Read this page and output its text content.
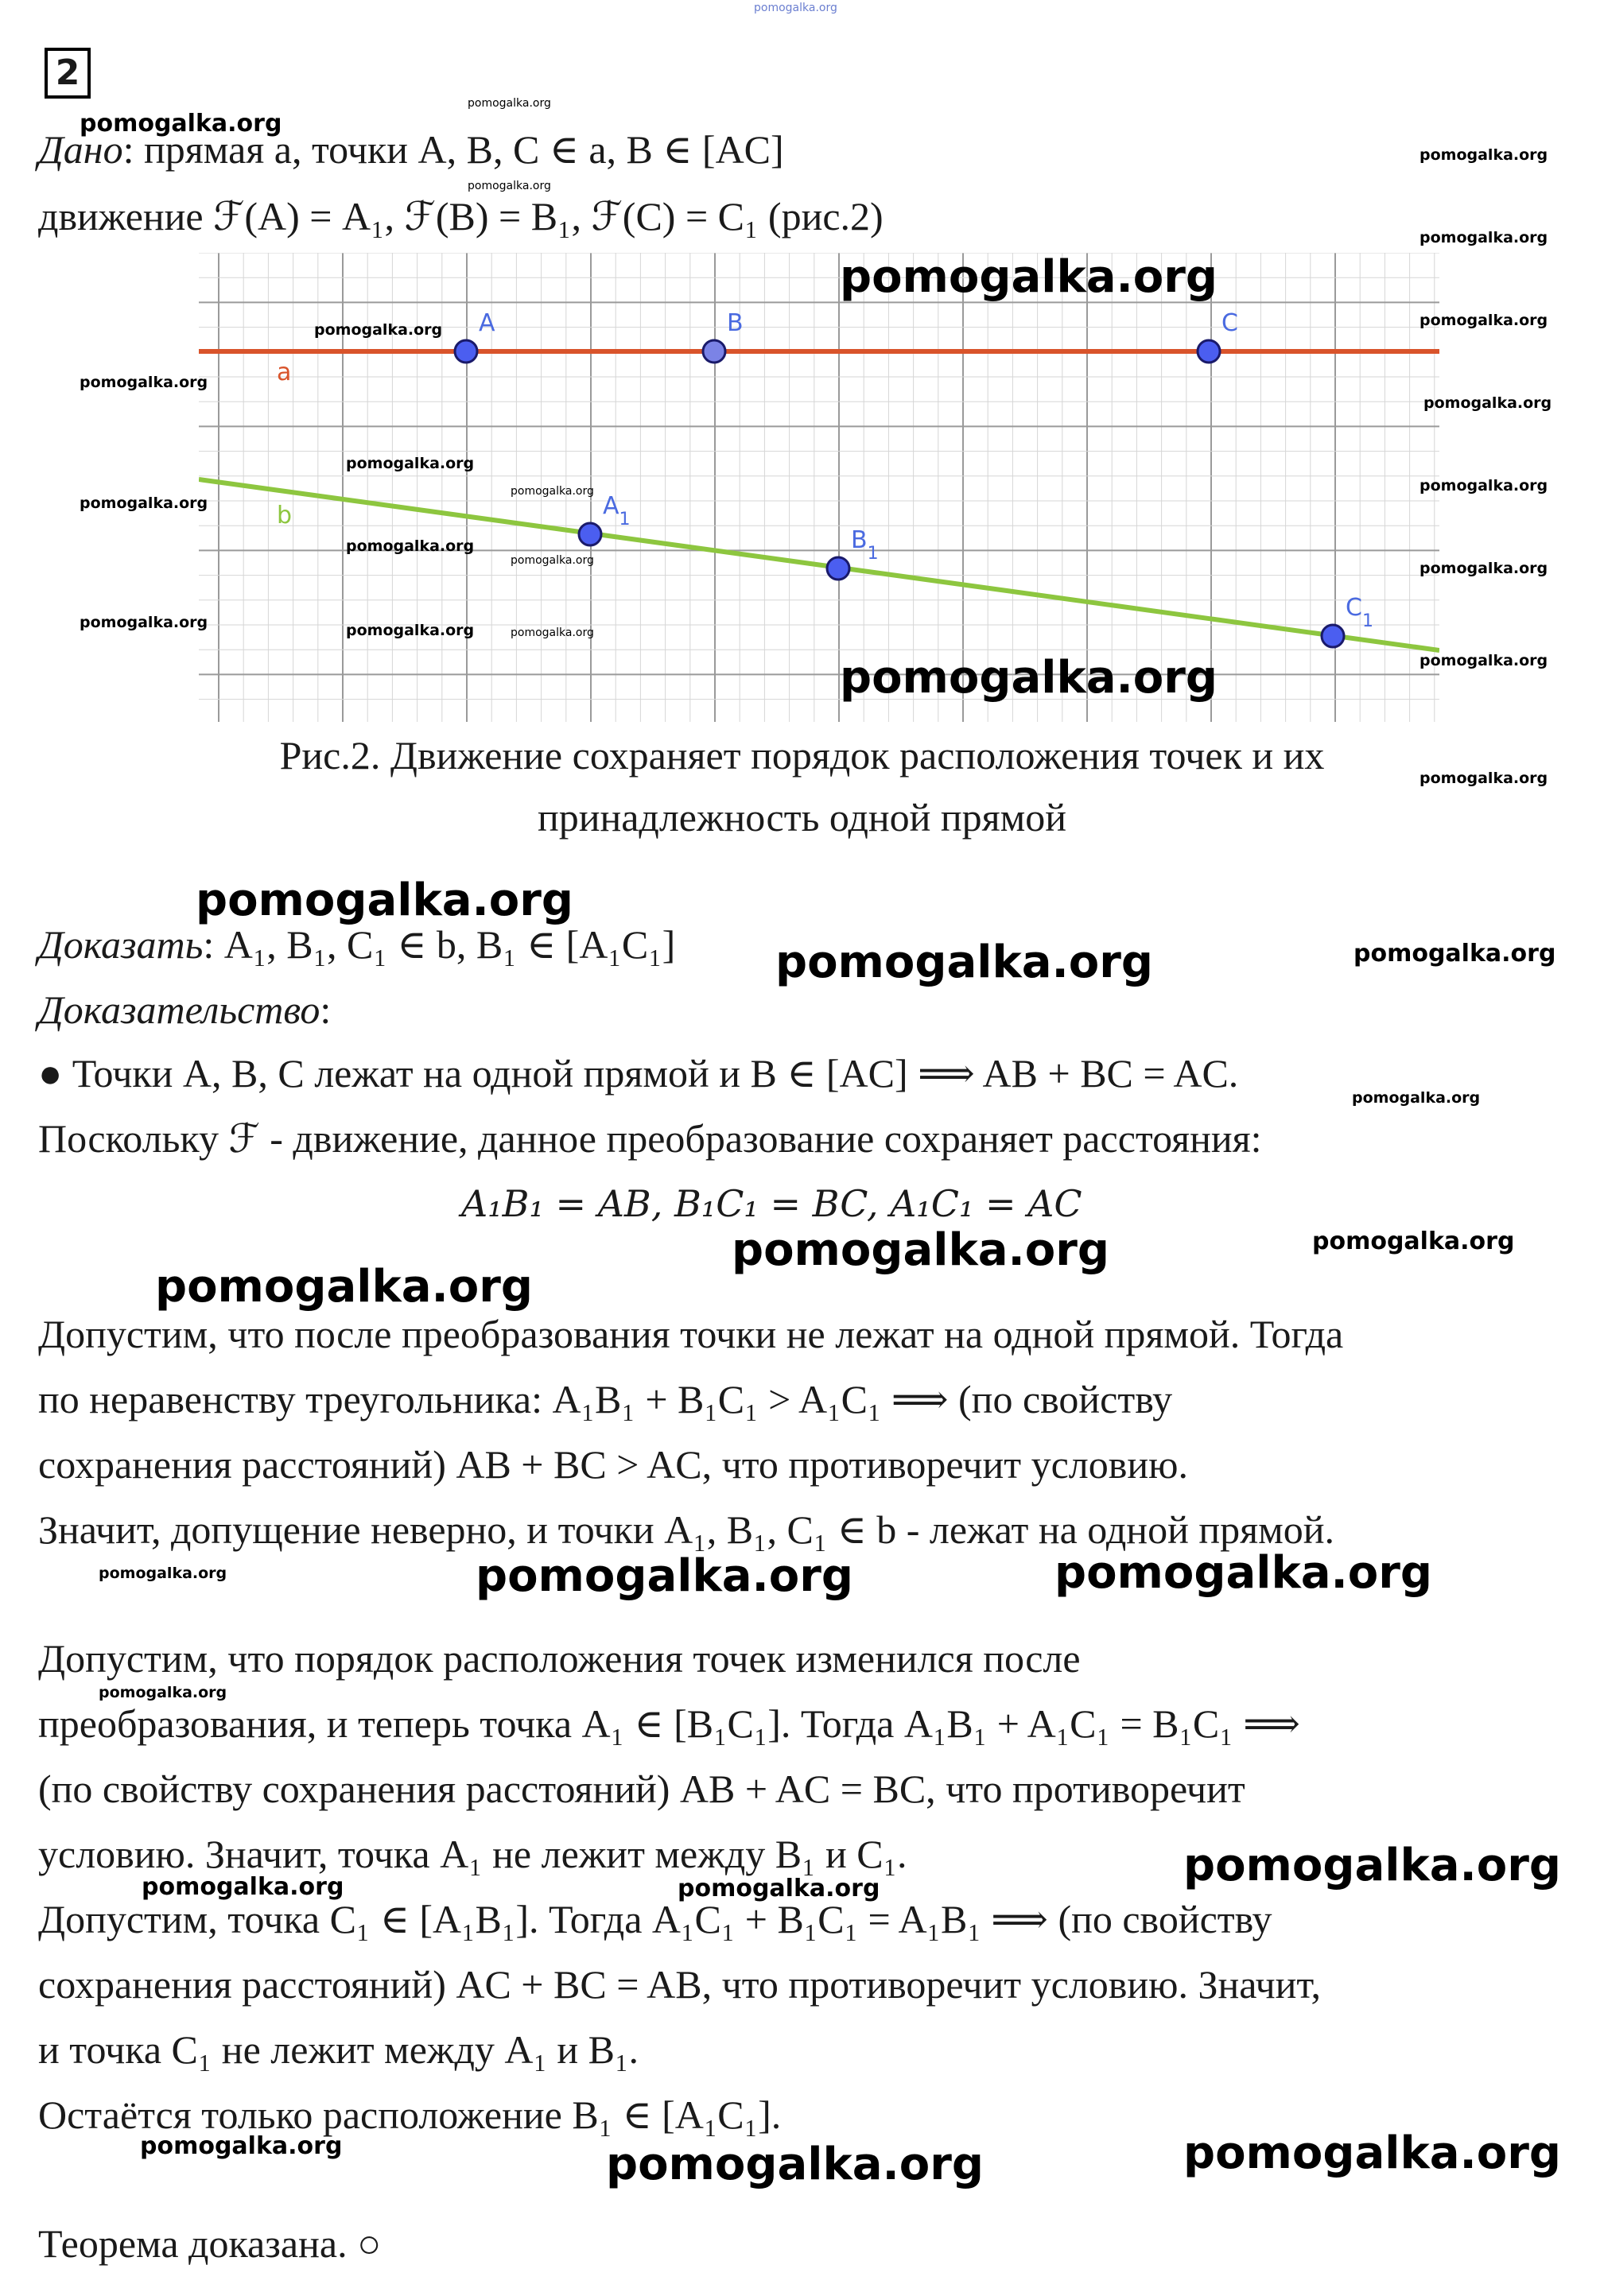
pomogalka.org
2
Дано: прямая a, точки A, B, C ∈ a, B ∈ [AC]
движение ℱ(A) = A₁, ℱ(B) = B₁, ℱ(C) = C₁ (рис.2)
A	B	C
$A_1$
$B_1$
$C_1$
a
b
Рис.2. Движение сохраняет порядок расположения точек и их
принадлежность одной прямой
Доказать: A₁, B₁, C₁ ∈ b, B₁ ∈ [A₁C₁]
Доказательство:
● Точки A, B, C лежат на одной прямой и B ∈ [AC] ⟹ AB + BC = AC.
Поскольку ℱ - движение, данное преобразование сохраняет расстояния:
A₁B₁ = AB, B₁C₁ = BC, A₁C₁ = AC
Допустим, что после преобразования точки не лежат на одной прямой. Тогда
по неравенству треугольника: A₁B₁ + B₁C₁ > A₁C₁ ⟹ (по свойству
сохранения расстояний) AB + BC > AC, что противоречит условию.
Значит, допущение неверно, и точки A₁, B₁, C₁ ∈ b - лежат на одной прямой.
Допустим, что порядок расположения точек изменился после
преобразования, и теперь точка A₁ ∈ [B₁C₁]. Тогда A₁B₁ + A₁C₁ = B₁C₁ ⟹
(по свойству сохранения расстояний) AB + AC = BC, что противоречит
условию. Значит, точка A₁ не лежит между B₁ и C₁.
Допустим, точка C₁ ∈ [A₁B₁]. Тогда A₁C₁ + B₁C₁ = A₁B₁ ⟹ (по свойству
сохранения расстояний) AC + BC = AB, что противоречит условию. Значит,
и точка C₁ не лежит между A₁ и B₁.
Остаётся только расположение B₁ ∈ [A₁C₁].
Теорема доказана. ○
pomogalka.org
pomogalka.org
pomogalka.org
pomogalka.org
pomogalka.org
pomogalka.org
pomogalka.org
pomogalka.org
pomogalka.org
pomogalka.org
pomogalka.org
pomogalka.org	pomogalka.org
pomogalka.org
pomogalka.org
pomogalka.org	pomogalka.org
pomogalka.org	pomogalka.org	pomogalka.org
pomogalka.org
pomogalka.org
pomogalka.org
pomogalka.org
pomogalka.org	pomogalka.org
pomogalka.org
pomogalka.org	pomogalka.org
pomogalka.org
pomogalka.org	pomogalka.org	pomogalka.org
pomogalka.org
pomogalka.org
pomogalka.org	pomogalka.org
pomogalka.org	pomogalka.org	pomogalka.org
